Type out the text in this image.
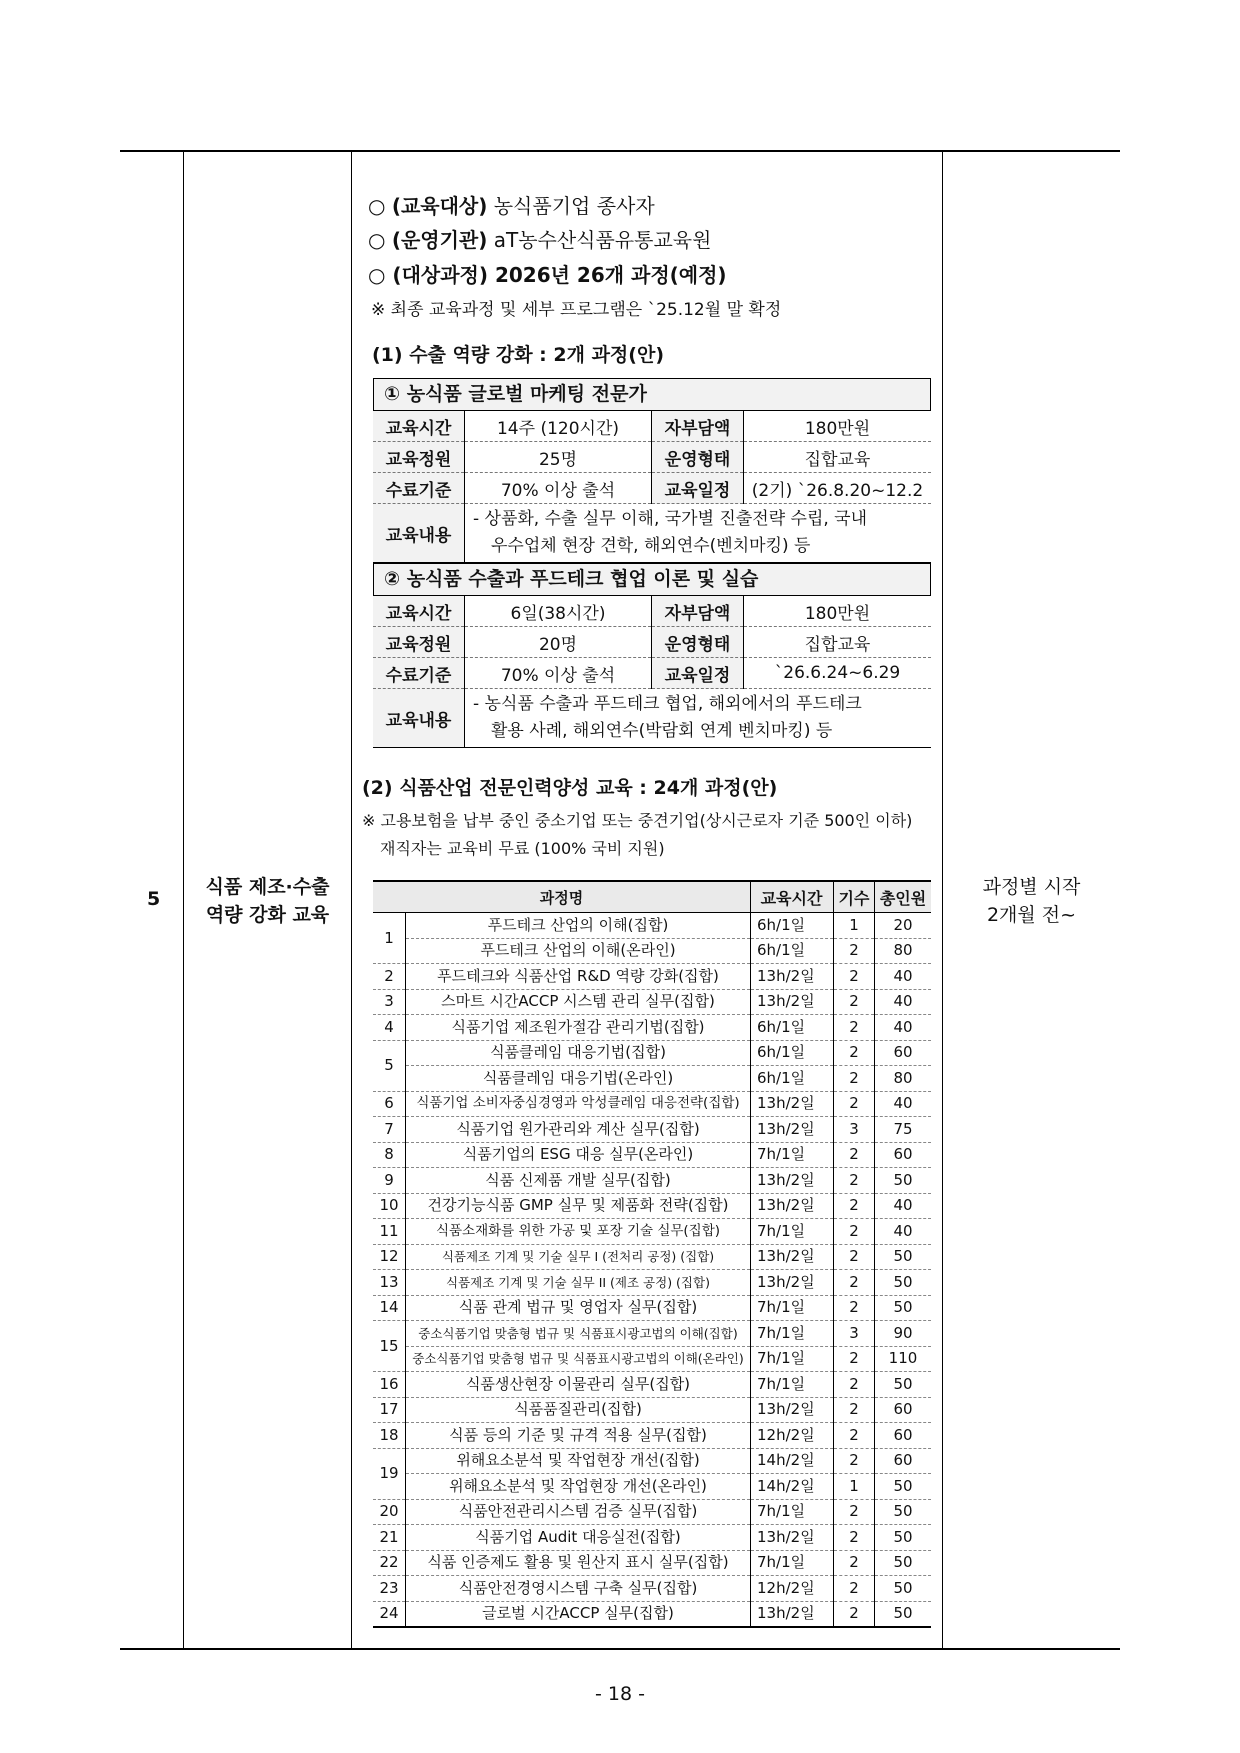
5
식품 제조·수출
역량 강화 교육
과정별 시작
2개월 전~
○ (교육대상) 농식품기업 종사자
○ (운영기관) aT농수산식품유통교육원
○ (대상과정) 2026년 26개 과정(예정)
※ 최종 교육과정 및 세부 프로그램은 `25.12월 말 확정
(1) 수출 역량 강화 : 2개 과정(안)
① 농식품 글로벌 마케팅 전문가
교육시간	14주 (120시간)	자부담액	180만원
교육정원	25명	운영형태	집합교육
수료기준	70% 이상 출석	교육일정	(2기) `26.8.20~12.2
교육내용	- 상품화, 수출 실무 이해, 국가별 진출전략 수립, 국내
우수업체 현장 견학, 해외연수(벤치마킹) 등		
② 농식품 수출과 푸드테크 협업 이론 및 실습
교육시간	6일(38시간)	자부담액	180만원
교육정원	20명	운영형태	집합교육
수료기준	70% 이상 출석	교육일정	`26.6.24~6.29
교육내용	- 농식품 수출과 푸드테크 협업, 해외에서의 푸드테크
활용 사례, 해외연수(박람회 연계 벤치마킹) 등		
(2) 식품산업 전문인력양성 교육 : 24개 과정(안)
※ 고용보험을 납부 중인 중소기업 또는 중견기업(상시근로자 기준 500인 이하)
재직자는 교육비 무료 (100% 국비 지원)
과정명		교육시간	기수	총인원
1	푸드테크 산업의 이해(집합)	6h/1일	1	20
	푸드테크 산업의 이해(온라인)	6h/1일	2	80
2	푸드테크와 식품산업 R&D 역량 강화(집합)	13h/2일	2	40
3	스마트 시간ACCP 시스템 관리 실무(집합)	13h/2일	2	40
4	식품기업 제조원가절감 관리기법(집합)	6h/1일	2	40
5	식품클레임 대응기법(집합)	6h/1일	2	60
	식품클레임 대응기법(온라인)	6h/1일	2	80
6	식품기업 소비자중심경영과 악성클레임 대응전략(집합)	13h/2일	2	40
7	식품기업 원가관리와 계산 실무(집합)	13h/2일	3	75
8	식품기업의 ESG 대응 실무(온라인)	7h/1일	2	60
9	식품 신제품 개발 실무(집합)	13h/2일	2	50
10	건강기능식품 GMP 실무 및 제품화 전략(집합)	13h/2일	2	40
11	식품소재화를 위한 가공 및 포장 기술 실무(집합)	7h/1일	2	40
12	식품제조 기계 및 기술 실무 I (전처리 공정) (집합)	13h/2일	2	50
13	식품제조 기계 및 기술 실무 II (제조 공정) (집합)	13h/2일	2	50
14	식품 관계 법규 및 영업자 실무(집합)	7h/1일	2	50
15	중소식품기업 맞춤형 법규 및 식품표시광고법의 이해(집합)	7h/1일	3	90
	중소식품기업 맞춤형 법규 및 식품표시광고법의 이해(온라인)	7h/1일	2	110
16	식품생산현장 이물관리 실무(집합)	7h/1일	2	50
17	식품품질관리(집합)	13h/2일	2	60
18	식품 등의 기준 및 규격 적용 실무(집합)	12h/2일	2	60
19	위해요소분석 및 작업현장 개선(집합)	14h/2일	2	60
	위해요소분석 및 작업현장 개선(온라인)	14h/2일	1	50
20	식품안전관리시스템 검증 실무(집합)	7h/1일	2	50
21	식품기업 Audit 대응실전(집합)	13h/2일	2	50
22	식품 인증제도 활용 및 원산지 표시 실무(집합)	7h/1일	2	50
23	식품안전경영시스템 구축 실무(집합)	12h/2일	2	50
24	글로벌 시간ACCP 실무(집합)	13h/2일	2	50
- 18 -
